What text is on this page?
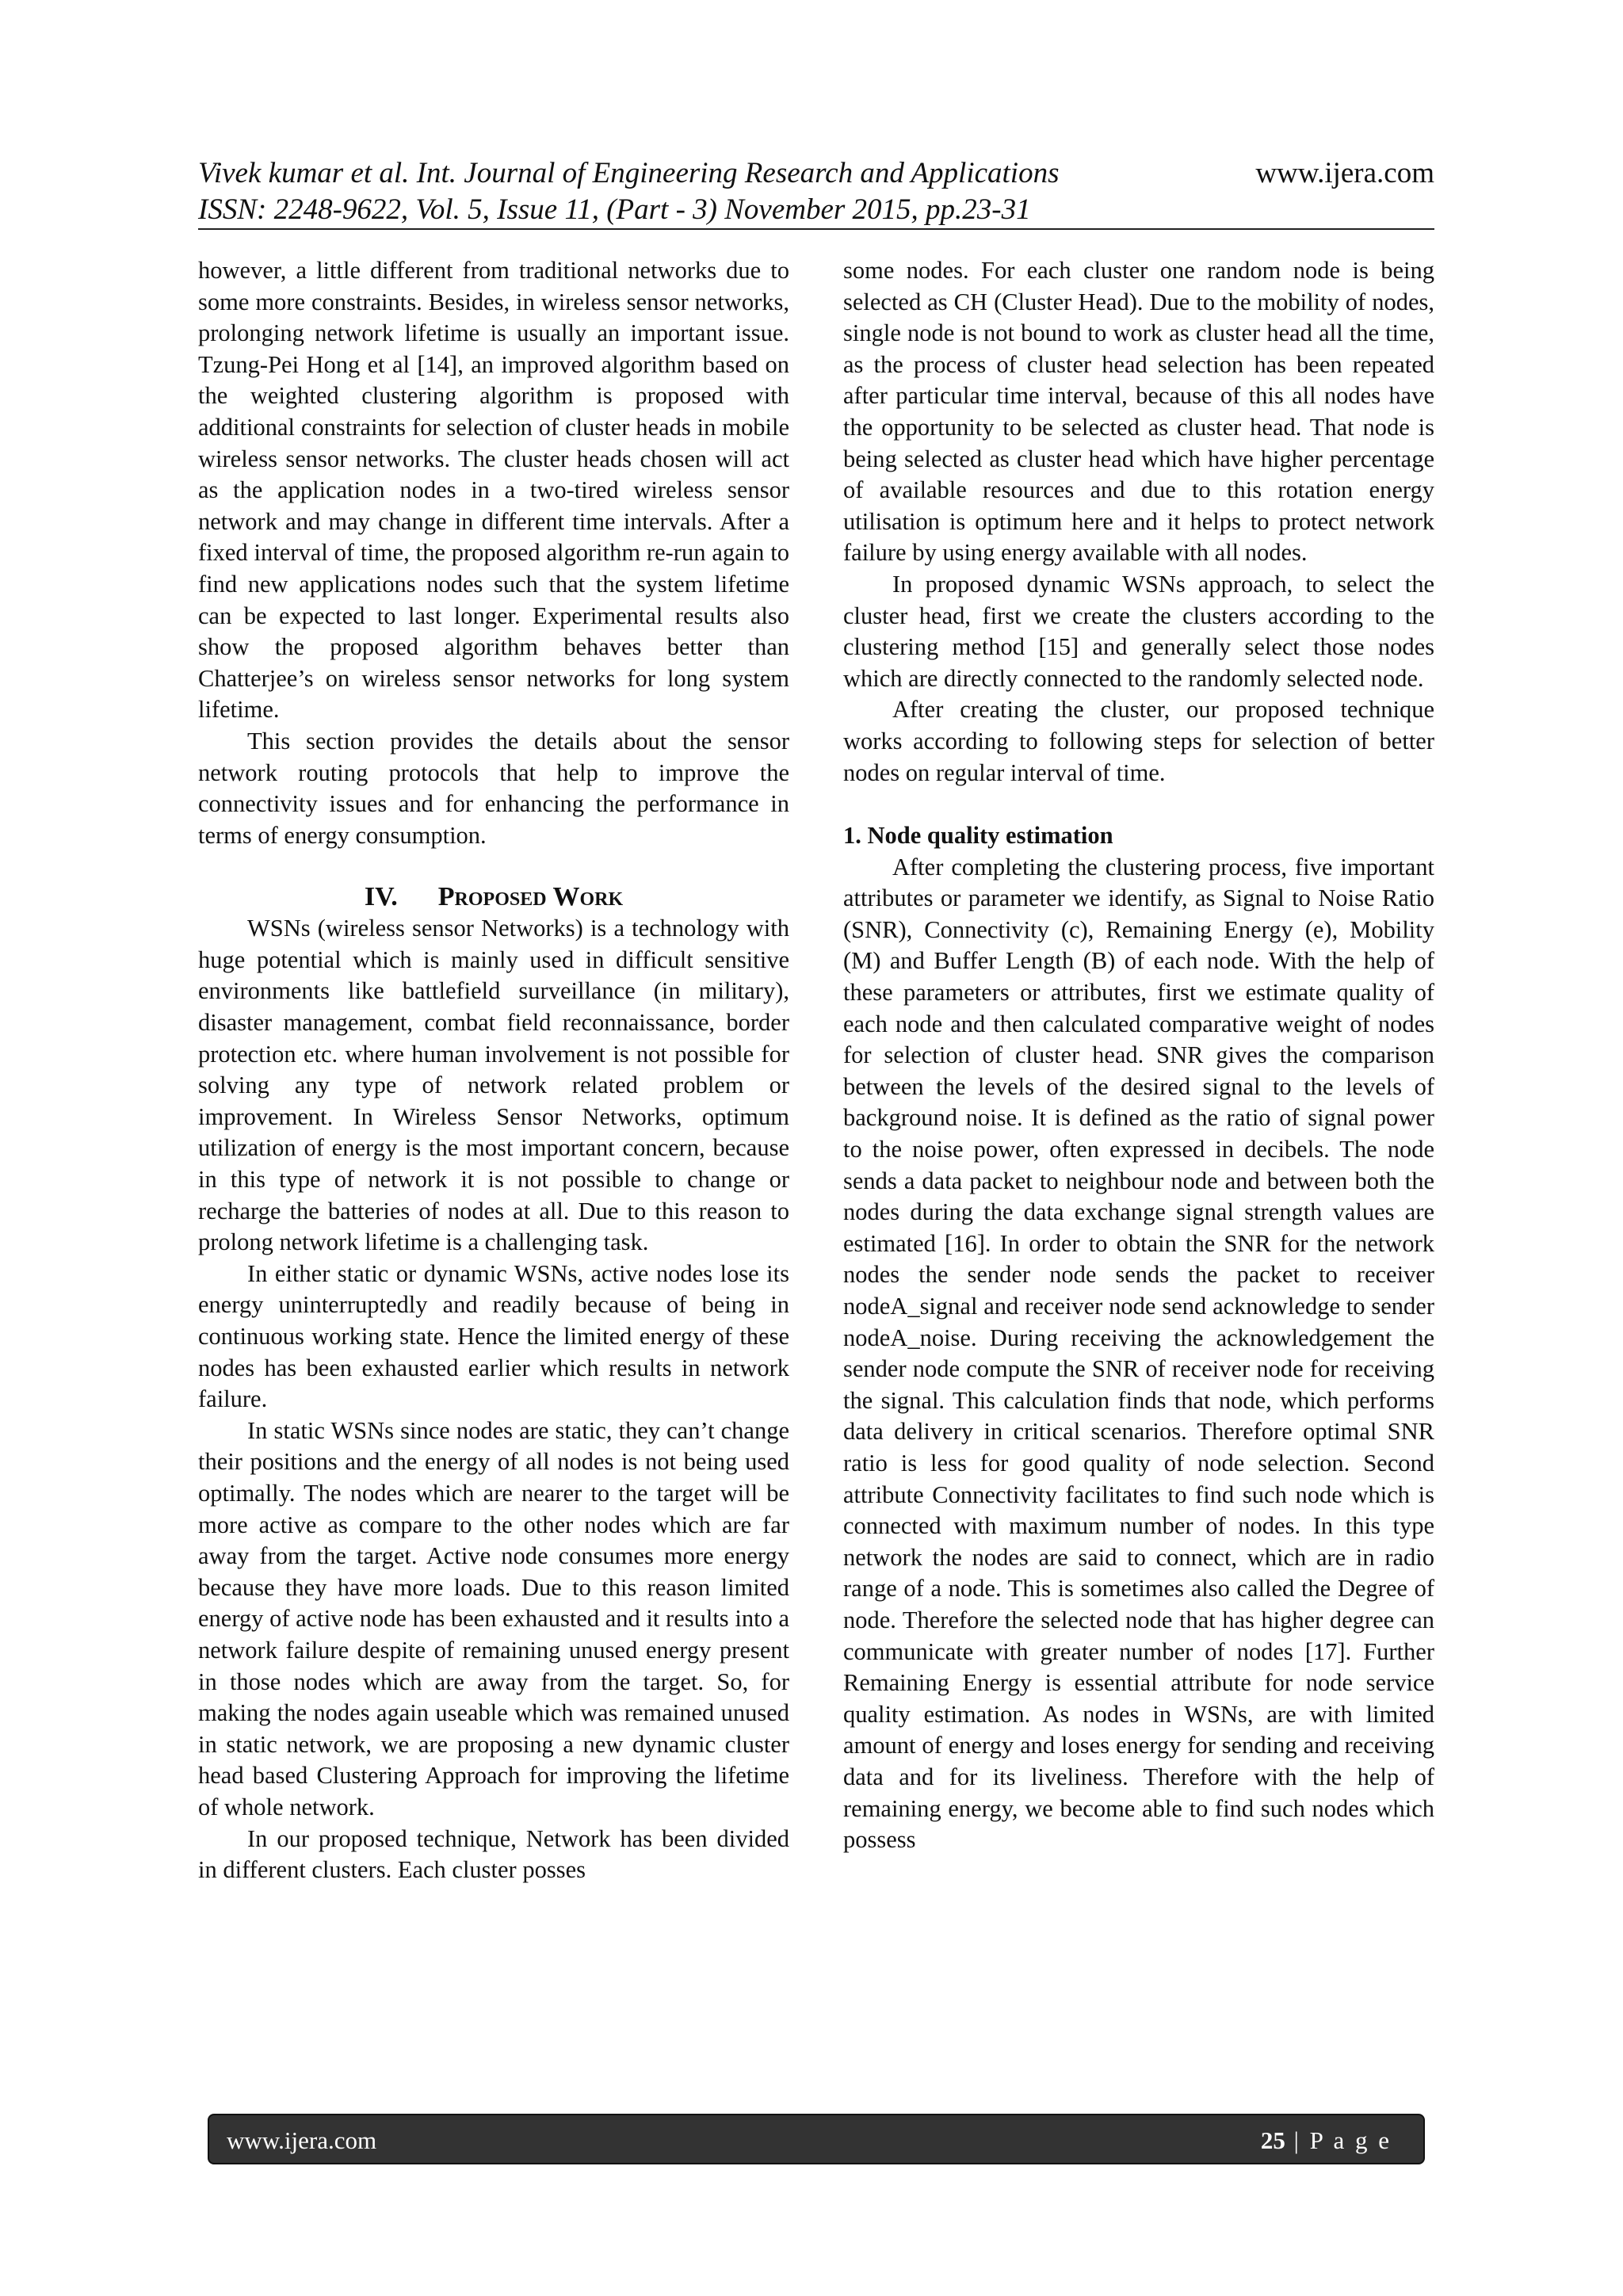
Vivek kumar et al. Int. Journal of Engineering Research and Applications	www.ijera.com

ISSN: 2248-9622, Vol. 5, Issue 11, (Part - 3) November 2015, pp.23-31

however, a little different from traditional networks due to some more constraints. Besides, in wireless sensor networks, prolonging network lifetime is usually an important issue. Tzung-Pei Hong et al [14], an improved algorithm based on the weighted clustering algorithm is proposed with additional constraints for selection of cluster heads in mobile wireless sensor networks. The cluster heads chosen will act as the application nodes in a two-tired wireless sensor network and may change in different time intervals. After a fixed interval of time, the proposed algorithm re-run again to find new applications nodes such that the system lifetime can be expected to last longer. Experimental results also show the proposed algorithm behaves better than Chatterjee’s on wireless sensor networks for long system lifetime.

This section provides the details about the sensor network routing protocols that help to improve the connectivity issues and for enhancing the performance in terms of energy consumption.

IV. Proposed Work

WSNs (wireless sensor Networks) is a technology with huge potential which is mainly used in difficult sensitive environments like battlefield surveillance (in military), disaster management, combat field reconnaissance, border protection etc. where human involvement is not possible for solving any type of network related problem or improvement. In Wireless Sensor Networks, optimum utilization of energy is the most important concern, because in this type of network it is not possible to change or recharge the batteries of nodes at all. Due to this reason to prolong network lifetime is a challenging task.

In either static or dynamic WSNs, active nodes lose its energy uninterruptedly and readily because of being in continuous working state. Hence the limited energy of these nodes has been exhausted earlier which results in network failure.

In static WSNs since nodes are static, they can’t change their positions and the energy of all nodes is not being used optimally. The nodes which are nearer to the target will be more active as compare to the other nodes which are far away from the target. Active node consumes more energy because they have more loads. Due to this reason limited energy of active node has been exhausted and it results into a network failure despite of remaining unused energy present in those nodes which are away from the target. So, for making the nodes again useable which was remained unused in static network, we are proposing a new dynamic cluster head based Clustering Approach for improving the lifetime of whole network.

In our proposed technique, Network has been divided in different clusters. Each cluster posses

some nodes. For each cluster one random node is being selected as CH (Cluster Head). Due to the mobility of nodes, single node is not bound to work as cluster head all the time, as the process of cluster head selection has been repeated after particular time interval, because of this all nodes have the opportunity to be selected as cluster head. That node is being selected as cluster head which have higher percentage of available resources and due to this rotation energy utilisation is optimum here and it helps to protect network failure by using energy available with all nodes.

In proposed dynamic WSNs approach, to select the cluster head, first we create the clusters according to the clustering method [15] and generally select those nodes which are directly connected to the randomly selected node.

After creating the cluster, our proposed technique works according to following steps for selection of better nodes on regular interval of time.

1. Node quality estimation

After completing the clustering process, five important attributes or parameter we identify, as Signal to Noise Ratio (SNR), Connectivity (c), Remaining Energy (e), Mobility (M) and Buffer Length (B) of each node. With the help of these parameters or attributes, first we estimate quality of each node and then calculated comparative weight of nodes for selection of cluster head. SNR gives the comparison between the levels of the desired signal to the levels of background noise. It is defined as the ratio of signal power to the noise power, often expressed in decibels. The node sends a data packet to neighbour node and between both the nodes during the data exchange signal strength values are estimated [16]. In order to obtain the SNR for the network nodes the sender node sends the packet to receiver nodeA_signal and receiver node send acknowledge to sender nodeA_noise. During receiving the acknowledgement the sender node compute the SNR of receiver node for receiving the signal. This calculation finds that node, which performs data delivery in critical scenarios. Therefore optimal SNR ratio is less for good quality of node selection. Second attribute Connectivity facilitates to find such node which is connected with maximum number of nodes. In this type network the nodes are said to connect, which are in radio range of a node. This is sometimes also called the Degree of node. Therefore the selected node that has higher degree can communicate with greater number of nodes [17]. Further Remaining Energy is essential attribute for node service quality estimation. As nodes in WSNs, are with limited amount of energy and loses energy for sending and receiving data and for its liveliness. Therefore with the help of remaining energy, we become able to find such nodes which possess

www.ijera.com	25 | P a g e
